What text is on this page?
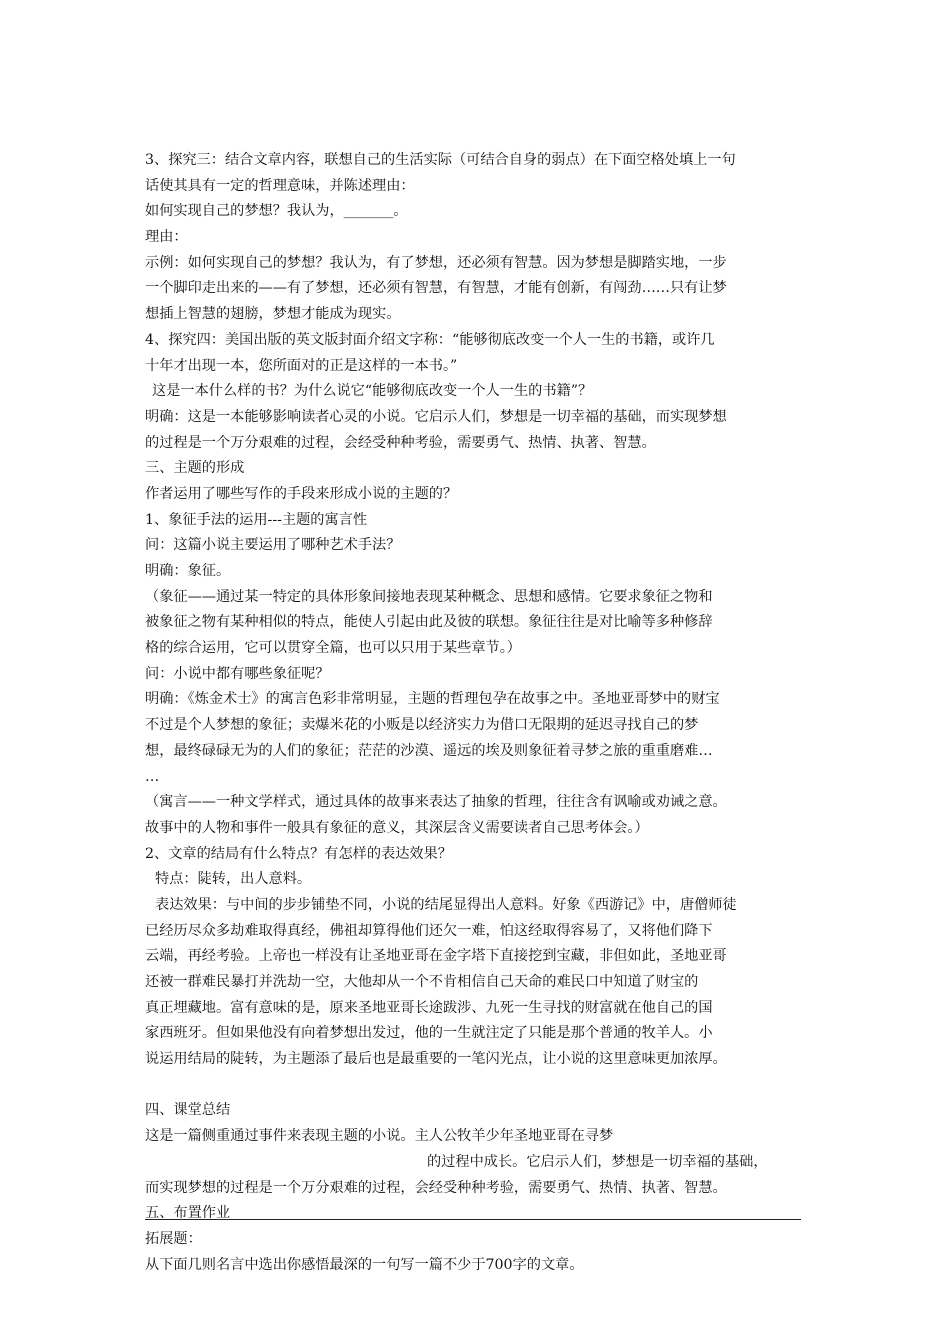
3、探究三：结合文章内容，联想自己的生活实际（可结合自身的弱点）在下面空格处填上一句
话使其具有一定的哲理意味，并陈述理由：
如何实现自己的梦想？我认为，_______。
理由：
示例：如何实现自己的梦想？我认为，有了梦想，还必须有智慧。因为梦想是脚踏实地，一步
一个脚印走出来的——有了梦想，还必须有智慧，有智慧，才能有创新，有闯劲……只有让梦
想插上智慧的翅膀，梦想才能成为现实。
4、探究四：美国出版的英文版封面介绍文字称：“能够彻底改变一个人一生的书籍，或许几
十年才出现一本，您所面对的正是这样的一本书。”
这是一本什么样的书？为什么说它“能够彻底改变一个人一生的书籍”？
明确：这是一本能够影响读者心灵的小说。它启示人们，梦想是一切幸福的基础，而实现梦想
的过程是一个万分艰难的过程，会经受种种考验，需要勇气、热情、执著、智慧。
三、主题的形成
作者运用了哪些写作的手段来形成小说的主题的？
1、象征手法的运用---主题的寓言性
问：这篇小说主要运用了哪种艺术手法？
明确：象征。
（象征——通过某一特定的具体形象间接地表现某种概念、思想和感情。它要求象征之物和
被象征之物有某种相似的特点，能使人引起由此及彼的联想。象征往往是对比喻等多种修辞
格的综合运用，它可以贯穿全篇，也可以只用于某些章节。）
问：小说中都有哪些象征呢？
明确：《炼金术士》的寓言色彩非常明显，主题的哲理包孕在故事之中。圣地亚哥梦中的财宝
不过是个人梦想的象征；卖爆米花的小贩是以经济实力为借口无限期的延迟寻找自己的梦
想，最终碌碌无为的人们的象征；茫茫的沙漠、遥远的埃及则象征着寻梦之旅的重重磨难…
…
（寓言——一种文学样式，通过具体的故事来表达了抽象的哲理，往往含有讽喻或劝诫之意。
故事中的人物和事件一般具有象征的意义，其深层含义需要读者自己思考体会。）
2、文章的结局有什么特点？有怎样的表达效果？
特点：陡转，出人意料。
表达效果：与中间的步步铺垫不同，小说的结尾显得出人意料。好象《西游记》中，唐僧师徒
已经历尽众多劫难取得真经，佛祖却算得他们还欠一难，怕这经取得容易了，又将他们降下
云端，再经考验。上帝也一样没有让圣地亚哥在金字塔下直接挖到宝藏，非但如此，圣地亚哥
还被一群难民暴打并洗劫一空，大他却从一个不肯相信自己天命的难民口中知道了财宝的
真正埋藏地。富有意味的是，原来圣地亚哥长途跋涉、九死一生寻找的财富就在他自己的国
家西班牙。但如果他没有向着梦想出发过，他的一生就注定了只能是那个普通的牧羊人。小
说运用结局的陡转，为主题添了最后也是最重要的一笔闪光点，让小说的这里意味更加浓厚。
四、课堂总结
这是一篇侧重通过事件来表现主题的小说。主人公牧羊少年圣地亚哥在寻梦
的过程中成长。它启示人们，梦想是一切幸福的基础，
而实现梦想的过程是一个万分艰难的过程，会经受种种考验，需要勇气、热情、执著、智慧。
五、布置作业
拓展题：
从下面几则名言中选出你感悟最深的一句写一篇不少于700字的文章。
